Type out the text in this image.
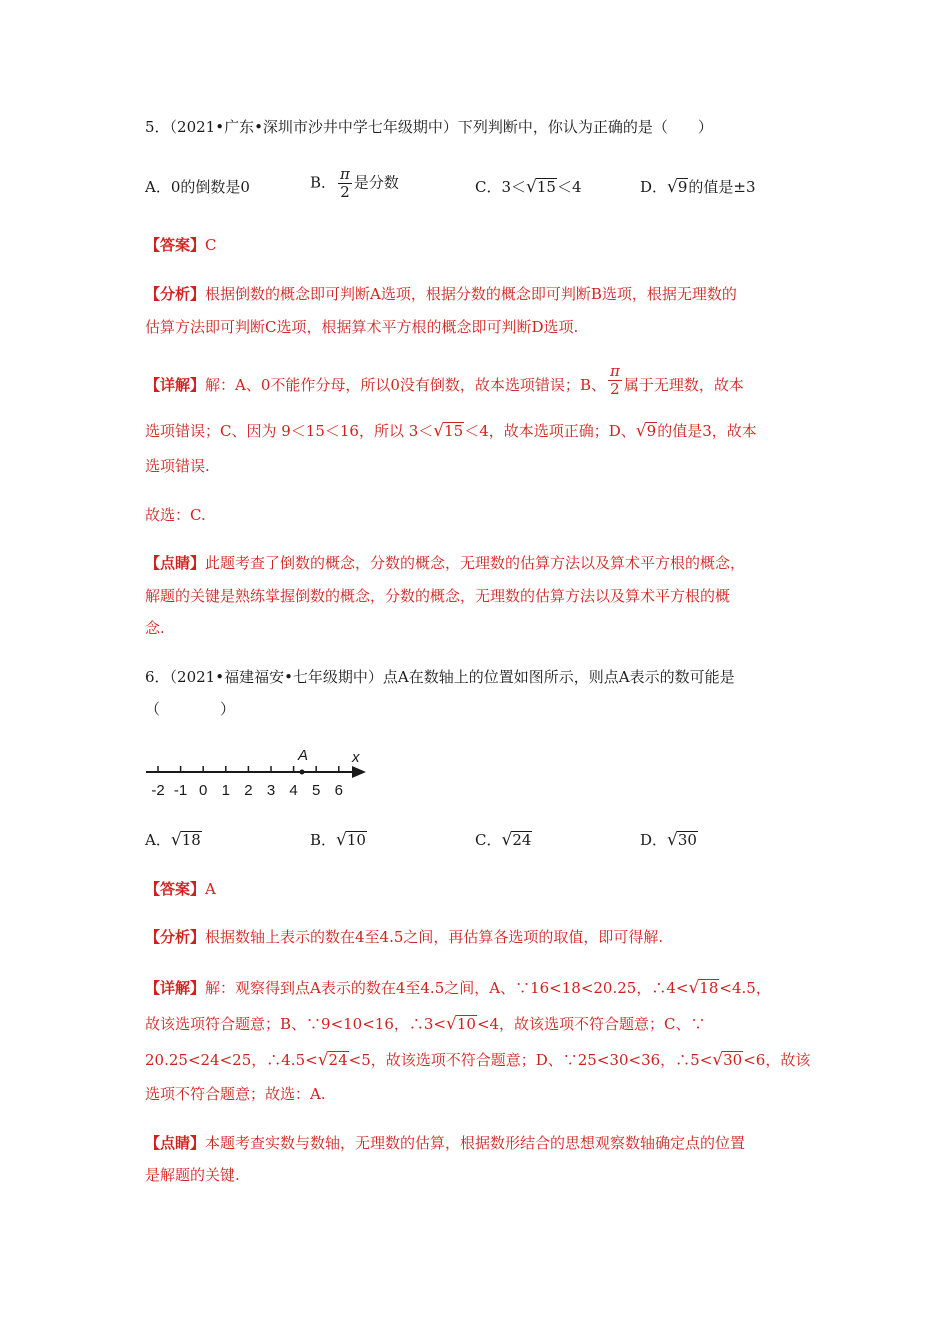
5．（2021•广东•深圳市沙井中学七年级期中）下列判断中，你认为正确的是（　　）
A．0的倒数是0	B． $\frac{\pi}{2}$ 是分数	C．3＜√15＜4	D．√9的值是±3
【答案】C
【分析】根据倒数的概念即可判断A选项，根据分数的概念即可判断B选项，根据无理数的
估算方法即可判断C选项，根据算术平方根的概念即可判断D选项.
【详解】解：A、0不能作分母，所以0没有倒数，故本选项错误；B、 $\frac{\pi}{2}$ 属于无理数，故本
选项错误；C、因为 9＜15＜16，所以 3＜√15＜4，故本选项正确；D、√9的值是3，故本
选项错误.
故选：C.
【点睛】此题考查了倒数的概念，分数的概念，无理数的估算方法以及算术平方根的概念，
解题的关键是熟练掌握倒数的概念，分数的概念，无理数的估算方法以及算术平方根的概
念.
6．（2021•福建福安•七年级期中）点A在数轴上的位置如图所示，则点A表示的数可能是
（　　　　）
-2 -1 0 1 2 3 4 5 6
A	x
A．√18	B．√10	C．√24	D．√30
【答案】A
【分析】根据数轴上表示的数在4至4.5之间，再估算各选项的取值，即可得解.
【详解】解：观察得到点A表示的数在4至4.5之间，A、∵16<18<20.25，∴4<√18<4.5，
故该选项符合题意；B、∵9<10<16，∴3<√10<4，故该选项不符合题意；C、∵
20.25<24<25，∴4.5<√24<5，故该选项不符合题意；D、∵25<30<36，∴5<√30<6，故该
选项不符合题意；故选：A.
【点睛】本题考查实数与数轴，无理数的估算，根据数形结合的思想观察数轴确定点的位置
是解题的关键.
